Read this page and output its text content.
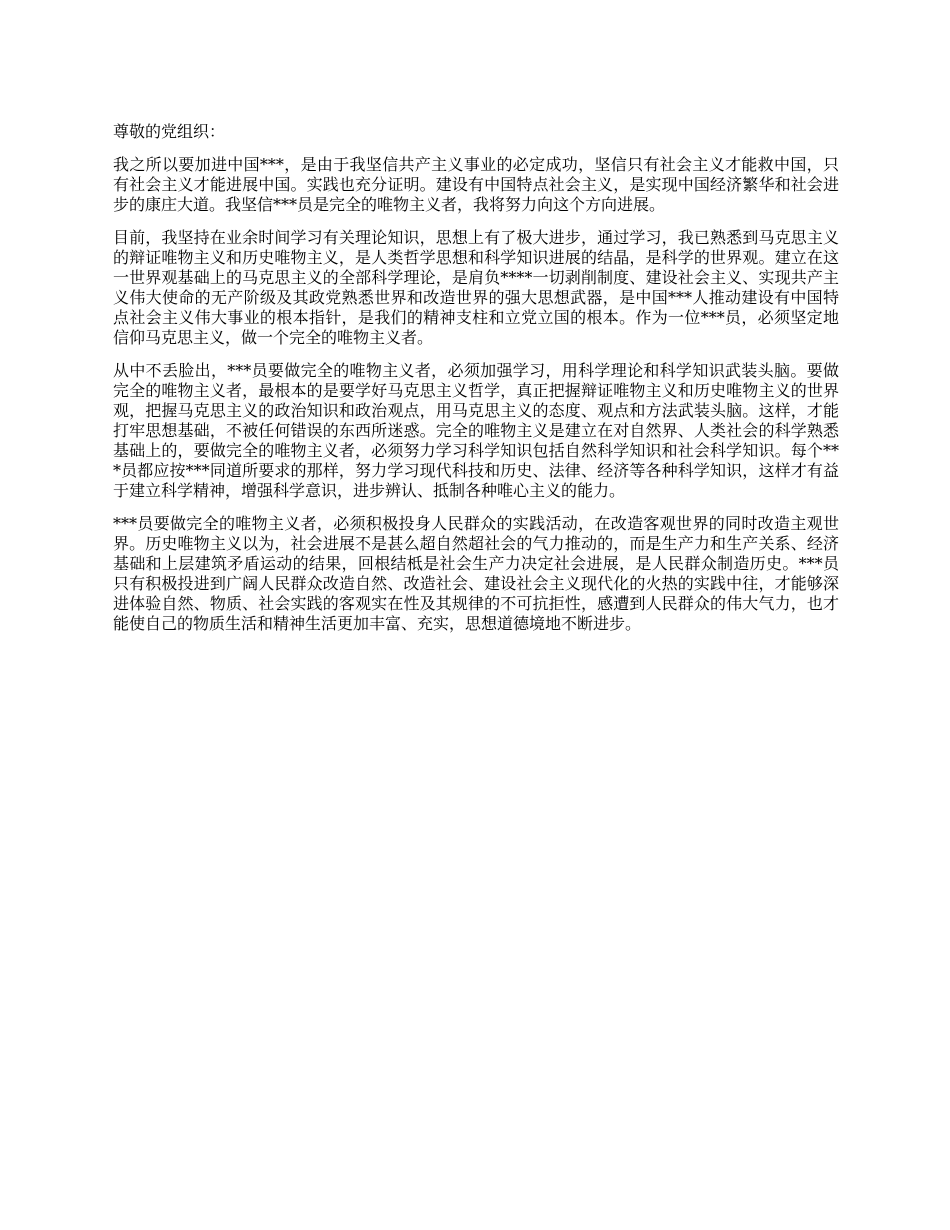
尊敬的党组织：
我之所以要加进中国***，是由于我坚信共产主义事业的必定成功，坚信只有社会主义才能救中国，只有社会主义才能进展中国。实践也充分证明。建设有中国特点社会主义，是实现中国经济繁华和社会进步的康庄大道。我坚信***员是完全的唯物主义者，我将努力向这个方向进展。
目前，我坚持在业余时间学习有关理论知识，思想上有了极大进步，通过学习，我已熟悉到马克思主义的辩证唯物主义和历史唯物主义，是人类哲学思想和科学知识进展的结晶，是科学的世界观。建立在这一世界观基础上的马克思主义的全部科学理论，是肩负****一切剥削制度、建设社会主义、实现共产主义伟大使命的无产阶级及其政党熟悉世界和改造世界的强大思想武器，是中国***人推动建设有中国特点社会主义伟大事业的根本指针，是我们的精神支柱和立党立国的根本。作为一位***员，必须坚定地信仰马克思主义，做一个完全的唯物主义者。
从中不丢脸出，***员要做完全的唯物主义者，必须加强学习，用科学理论和科学知识武装头脑。要做完全的唯物主义者，最根本的是要学好马克思主义哲学，真正把握辩证唯物主义和历史唯物主义的世界观，把握马克思主义的政治知识和政治观点，用马克思主义的态度、观点和方法武装头脑。这样，才能打牢思想基础，不被任何错误的东西所迷惑。完全的唯物主义是建立在对自然界、人类社会的科学熟悉基础上的，要做完全的唯物主义者，必须努力学习科学知识包括自然科学知识和社会科学知识。每个***员都应按***同道所要求的那样，努力学习现代科技和历史、法律、经济等各种科学知识，这样才有益于建立科学精神，增强科学意识，进步辨认、抵制各种唯心主义的能力。
***员要做完全的唯物主义者，必须积极投身人民群众的实践活动，在改造客观世界的同时改造主观世界。历史唯物主义以为，社会进展不是甚么超自然超社会的气力推动的，而是生产力和生产关系、经济基础和上层建筑矛盾运动的结果，回根结柢是社会生产力决定社会进展，是人民群众制造历史。***员只有积极投进到广阔人民群众改造自然、改造社会、建设社会主义现代化的火热的实践中往，才能够深进体验自然、物质、社会实践的客观实在性及其规律的不可抗拒性，感遭到人民群众的伟大气力，也才能使自己的物质生活和精神生活更加丰富、充实，思想道德境地不断进步。
